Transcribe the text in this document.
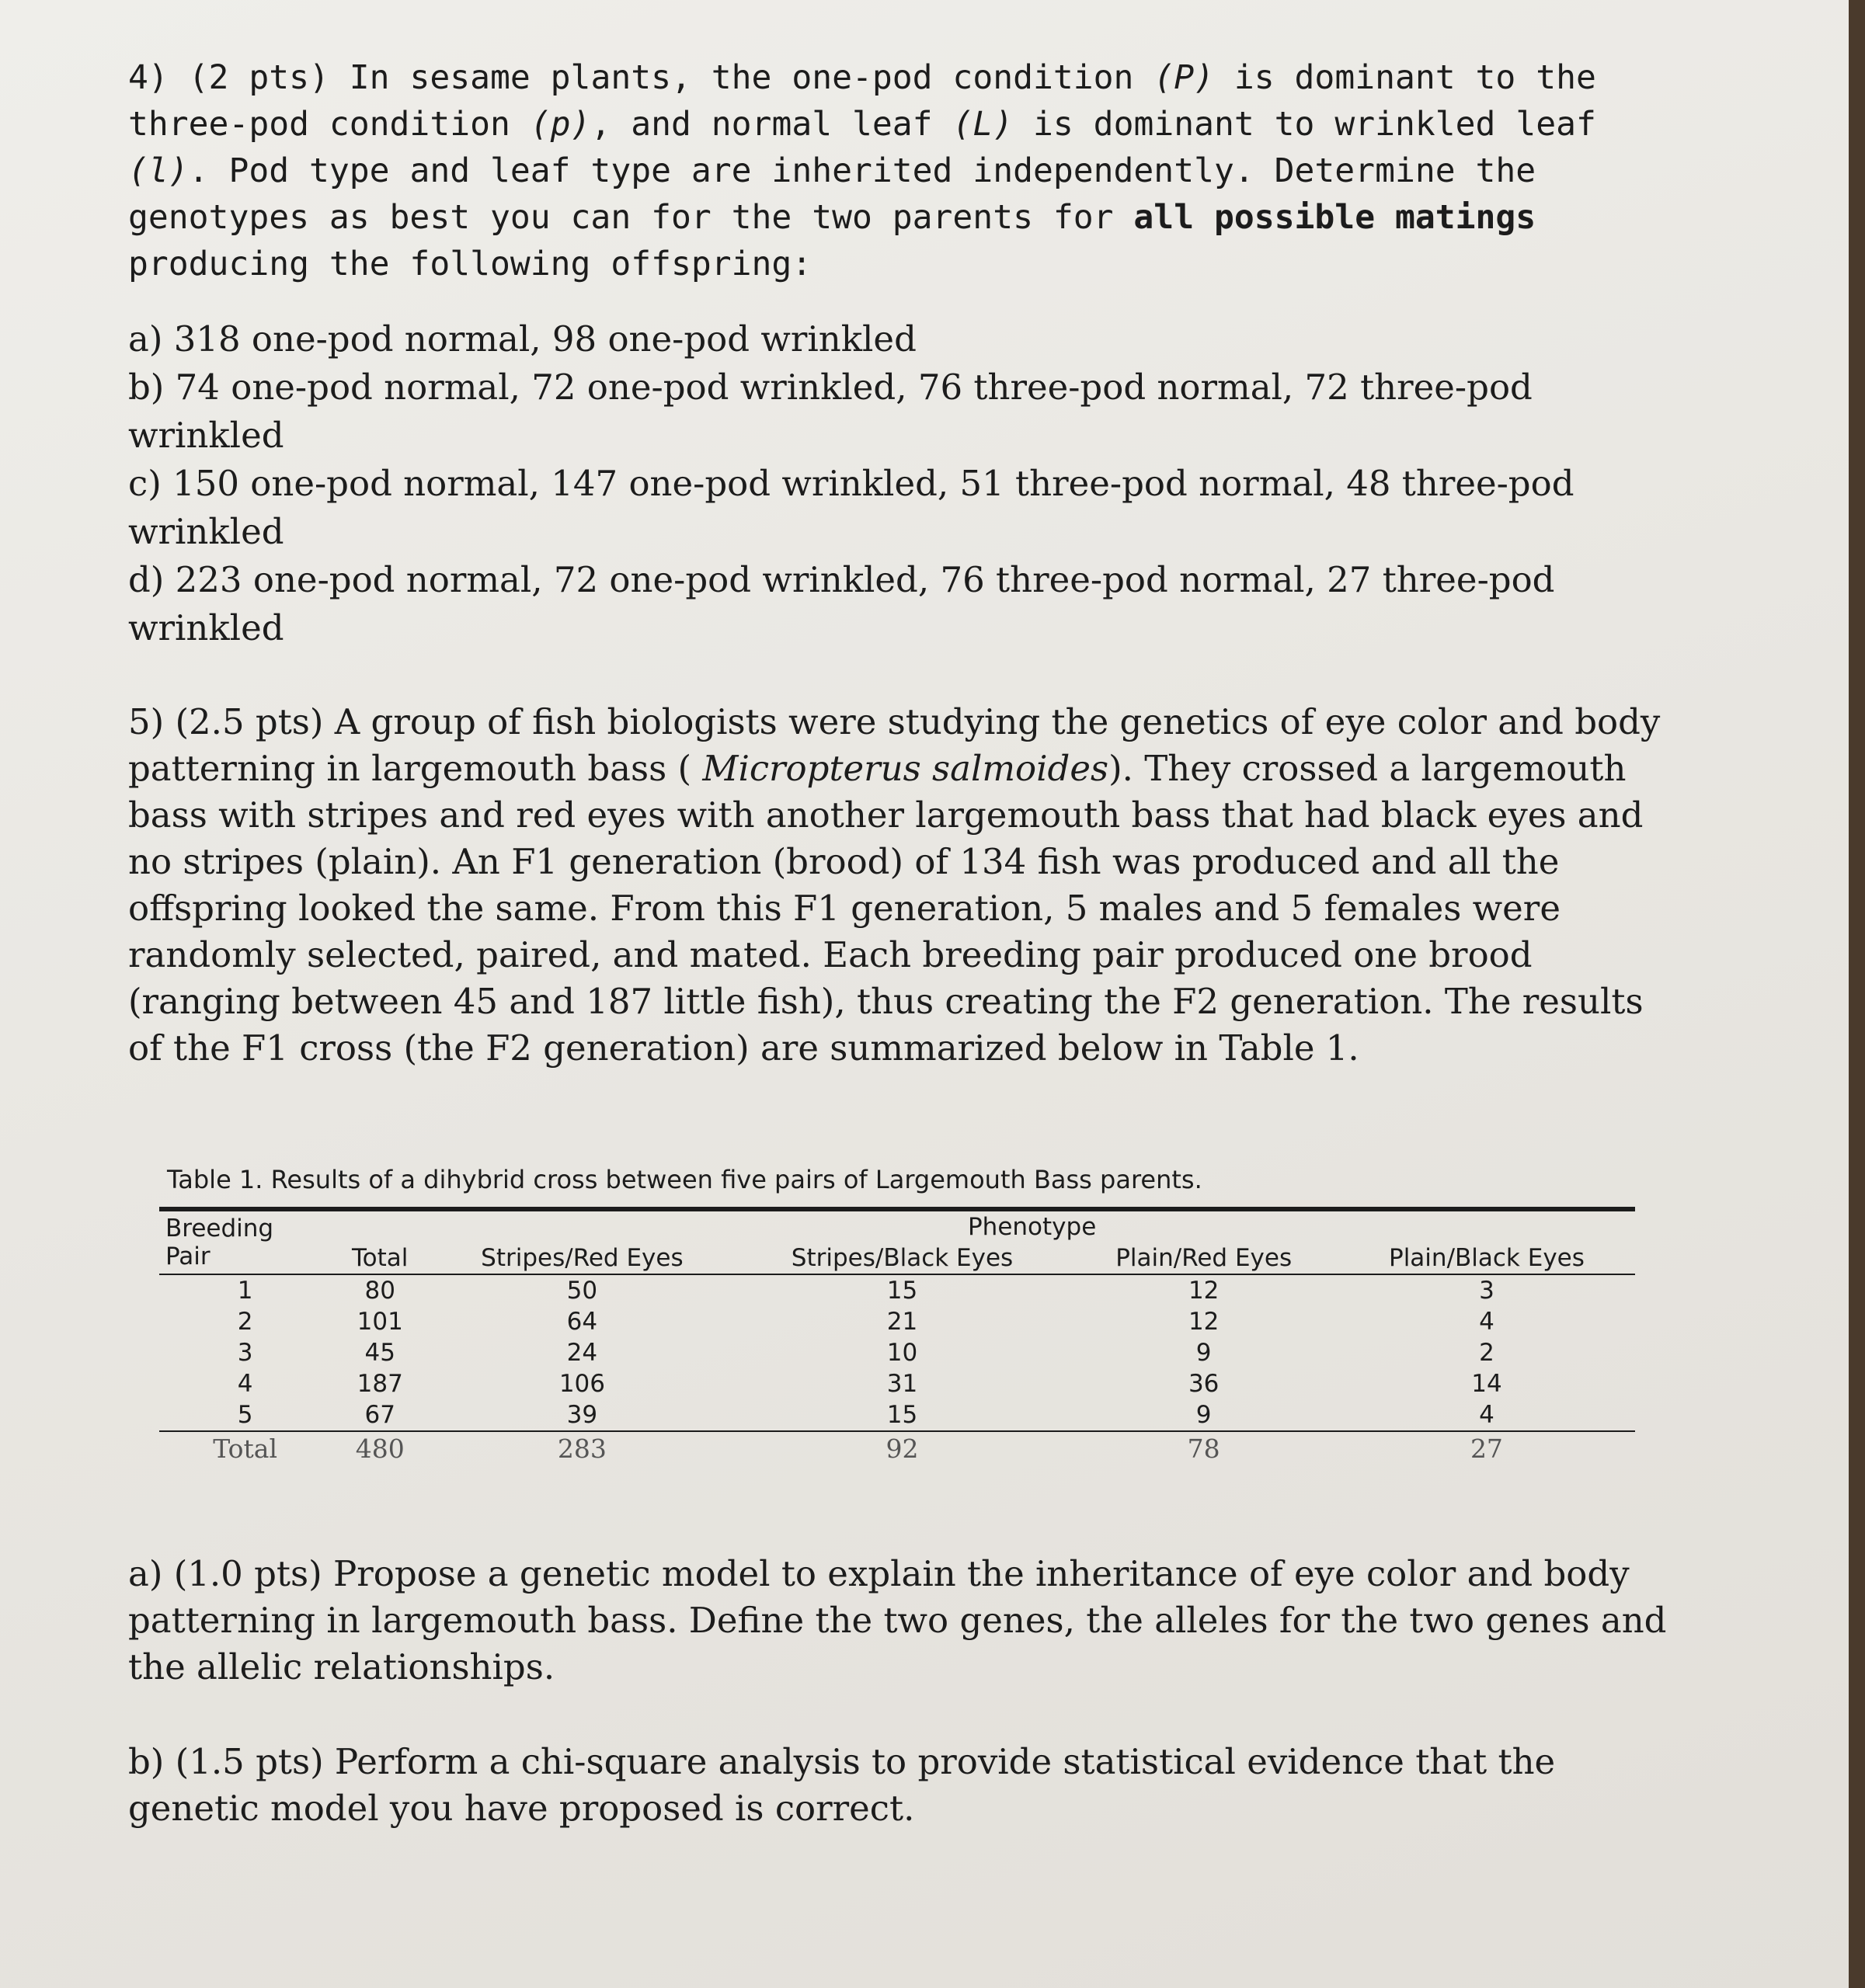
4) (2 pts) In sesame plants, the one-pod condition (P) is dominant to the three-pod condition (p), and normal leaf (L) is dominant to wrinkled leaf (l). Pod type and leaf type are inherited independently. Determine the genotypes as best you can for the two parents for all possible matings producing the following offspring:

a) 318 one-pod normal, 98 one-pod wrinkled
b) 74 one-pod normal, 72 one-pod wrinkled, 76 three-pod normal, 72 three-pod wrinkled
c) 150 one-pod normal, 147 one-pod wrinkled, 51 three-pod normal, 48 three-pod wrinkled
d) 223 one-pod normal, 72 one-pod wrinkled, 76 three-pod normal, 27 three-pod wrinkled

5) (2.5 pts) A group of fish biologists were studying the genetics of eye color and body patterning in largemouth bass ( Micropterus salmoides). They crossed a largemouth bass with stripes and red eyes with another largemouth bass that had black eyes and no stripes (plain). An F1 generation (brood) of 134 fish was produced and all the offspring looked the same. From this F1 generation, 5 males and 5 females were randomly selected, paired, and mated. Each breeding pair produced one brood (ranging between 45 and 187 little fish), thus creating the F2 generation. The results of the F1 cross (the F2 generation) are summarized below in Table 1.

Table 1. Results of a dihybrid cross between five pairs of Largemouth Bass parents.
Breeding
Pair	Total	Phenotype			
		Stripes/Red Eyes	Stripes/Black Eyes	Plain/Red Eyes	Plain/Black Eyes
1	80	50	15	12	3
2	101	64	21	12	4
3	45	24	10	9	2
4	187	106	31	36	14
5	67	39	15	9	4
Total	480	283	92	78	27

a) (1.0 pts) Propose a genetic model to explain the inheritance of eye color and body patterning in largemouth bass. Define the two genes, the alleles for the two genes and the allelic relationships.

b) (1.5 pts) Perform a chi-square analysis to provide statistical evidence that the genetic model you have proposed is correct.
